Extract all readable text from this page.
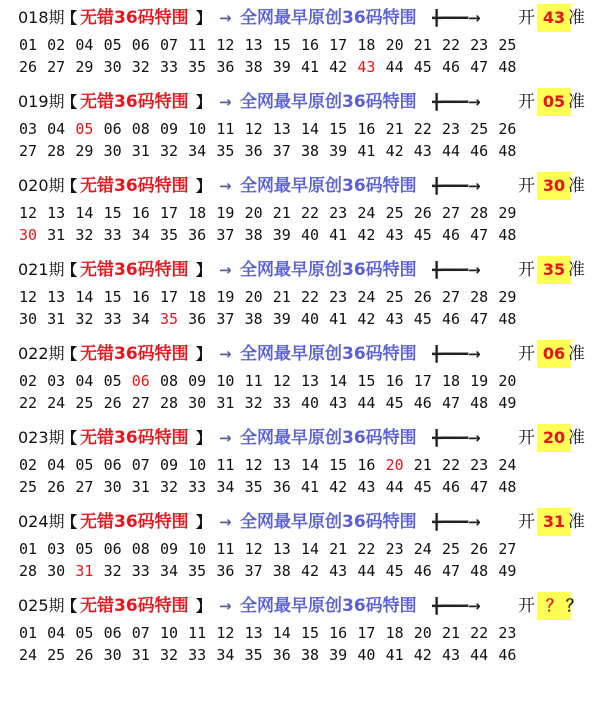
018期
【 无错36码特围 】 → 全网最早原创36码特围 ╋━━━→ 开 43 准
01 02 04 05 06 07 11 12 13 15 16 17 18 20 21 22 23 25
26 27 29 30 32 33 35 36 38 39 41 42 43 44 45 46 47 48
019期
【 无错36码特围 】 → 全网最早原创36码特围 ╋━━━→ 开 05 准
03 04 05 06 08 09 10 11 12 13 14 15 16 21 22 23 25 26
27 28 29 30 31 32 34 35 36 37 38 39 41 42 43 44 46 48
020期
【 无错36码特围 】 → 全网最早原创36码特围 ╋━━━→ 开 30 准
12 13 14 15 16 17 18 19 20 21 22 23 24 25 26 27 28 29
30 31 32 33 34 35 36 37 38 39 40 41 42 43 45 46 47 48
021期
【 无错36码特围 】 → 全网最早原创36码特围 ╋━━━→ 开 35 准
12 13 14 15 16 17 18 19 20 21 22 23 24 25 26 27 28 29
30 31 32 33 34 35 36 37 38 39 40 41 42 43 45 46 47 48
022期
【 无错36码特围 】 → 全网最早原创36码特围 ╋━━━→ 开 06 准
02 03 04 05 06 08 09 10 11 12 13 14 15 16 17 18 19 20
22 24 25 26 27 28 30 31 32 33 40 43 44 45 46 47 48 49
023期
【 无错36码特围 】 → 全网最早原创36码特围 ╋━━━→ 开 20 准
02 04 05 06 07 09 10 11 12 13 14 15 16 20 21 22 23 24
25 26 27 30 31 32 33 34 35 36 41 42 43 44 45 46 47 48
024期
【 无错36码特围 】 → 全网最早原创36码特围 ╋━━━→ 开 31 准
01 03 05 06 08 09 10 11 12 13 14 21 22 23 24 25 26 27
28 30 31 32 33 34 35 36 37 38 42 43 44 45 46 47 48 49
025期
【 无错36码特围 】 → 全网最早原创36码特围 ╋━━━→ 开 ？ ？
01 04 05 06 07 10 11 12 13 14 15 16 17 18 20 21 22 23
24 25 26 30 31 32 33 34 35 36 38 39 40 41 42 43 44 46
